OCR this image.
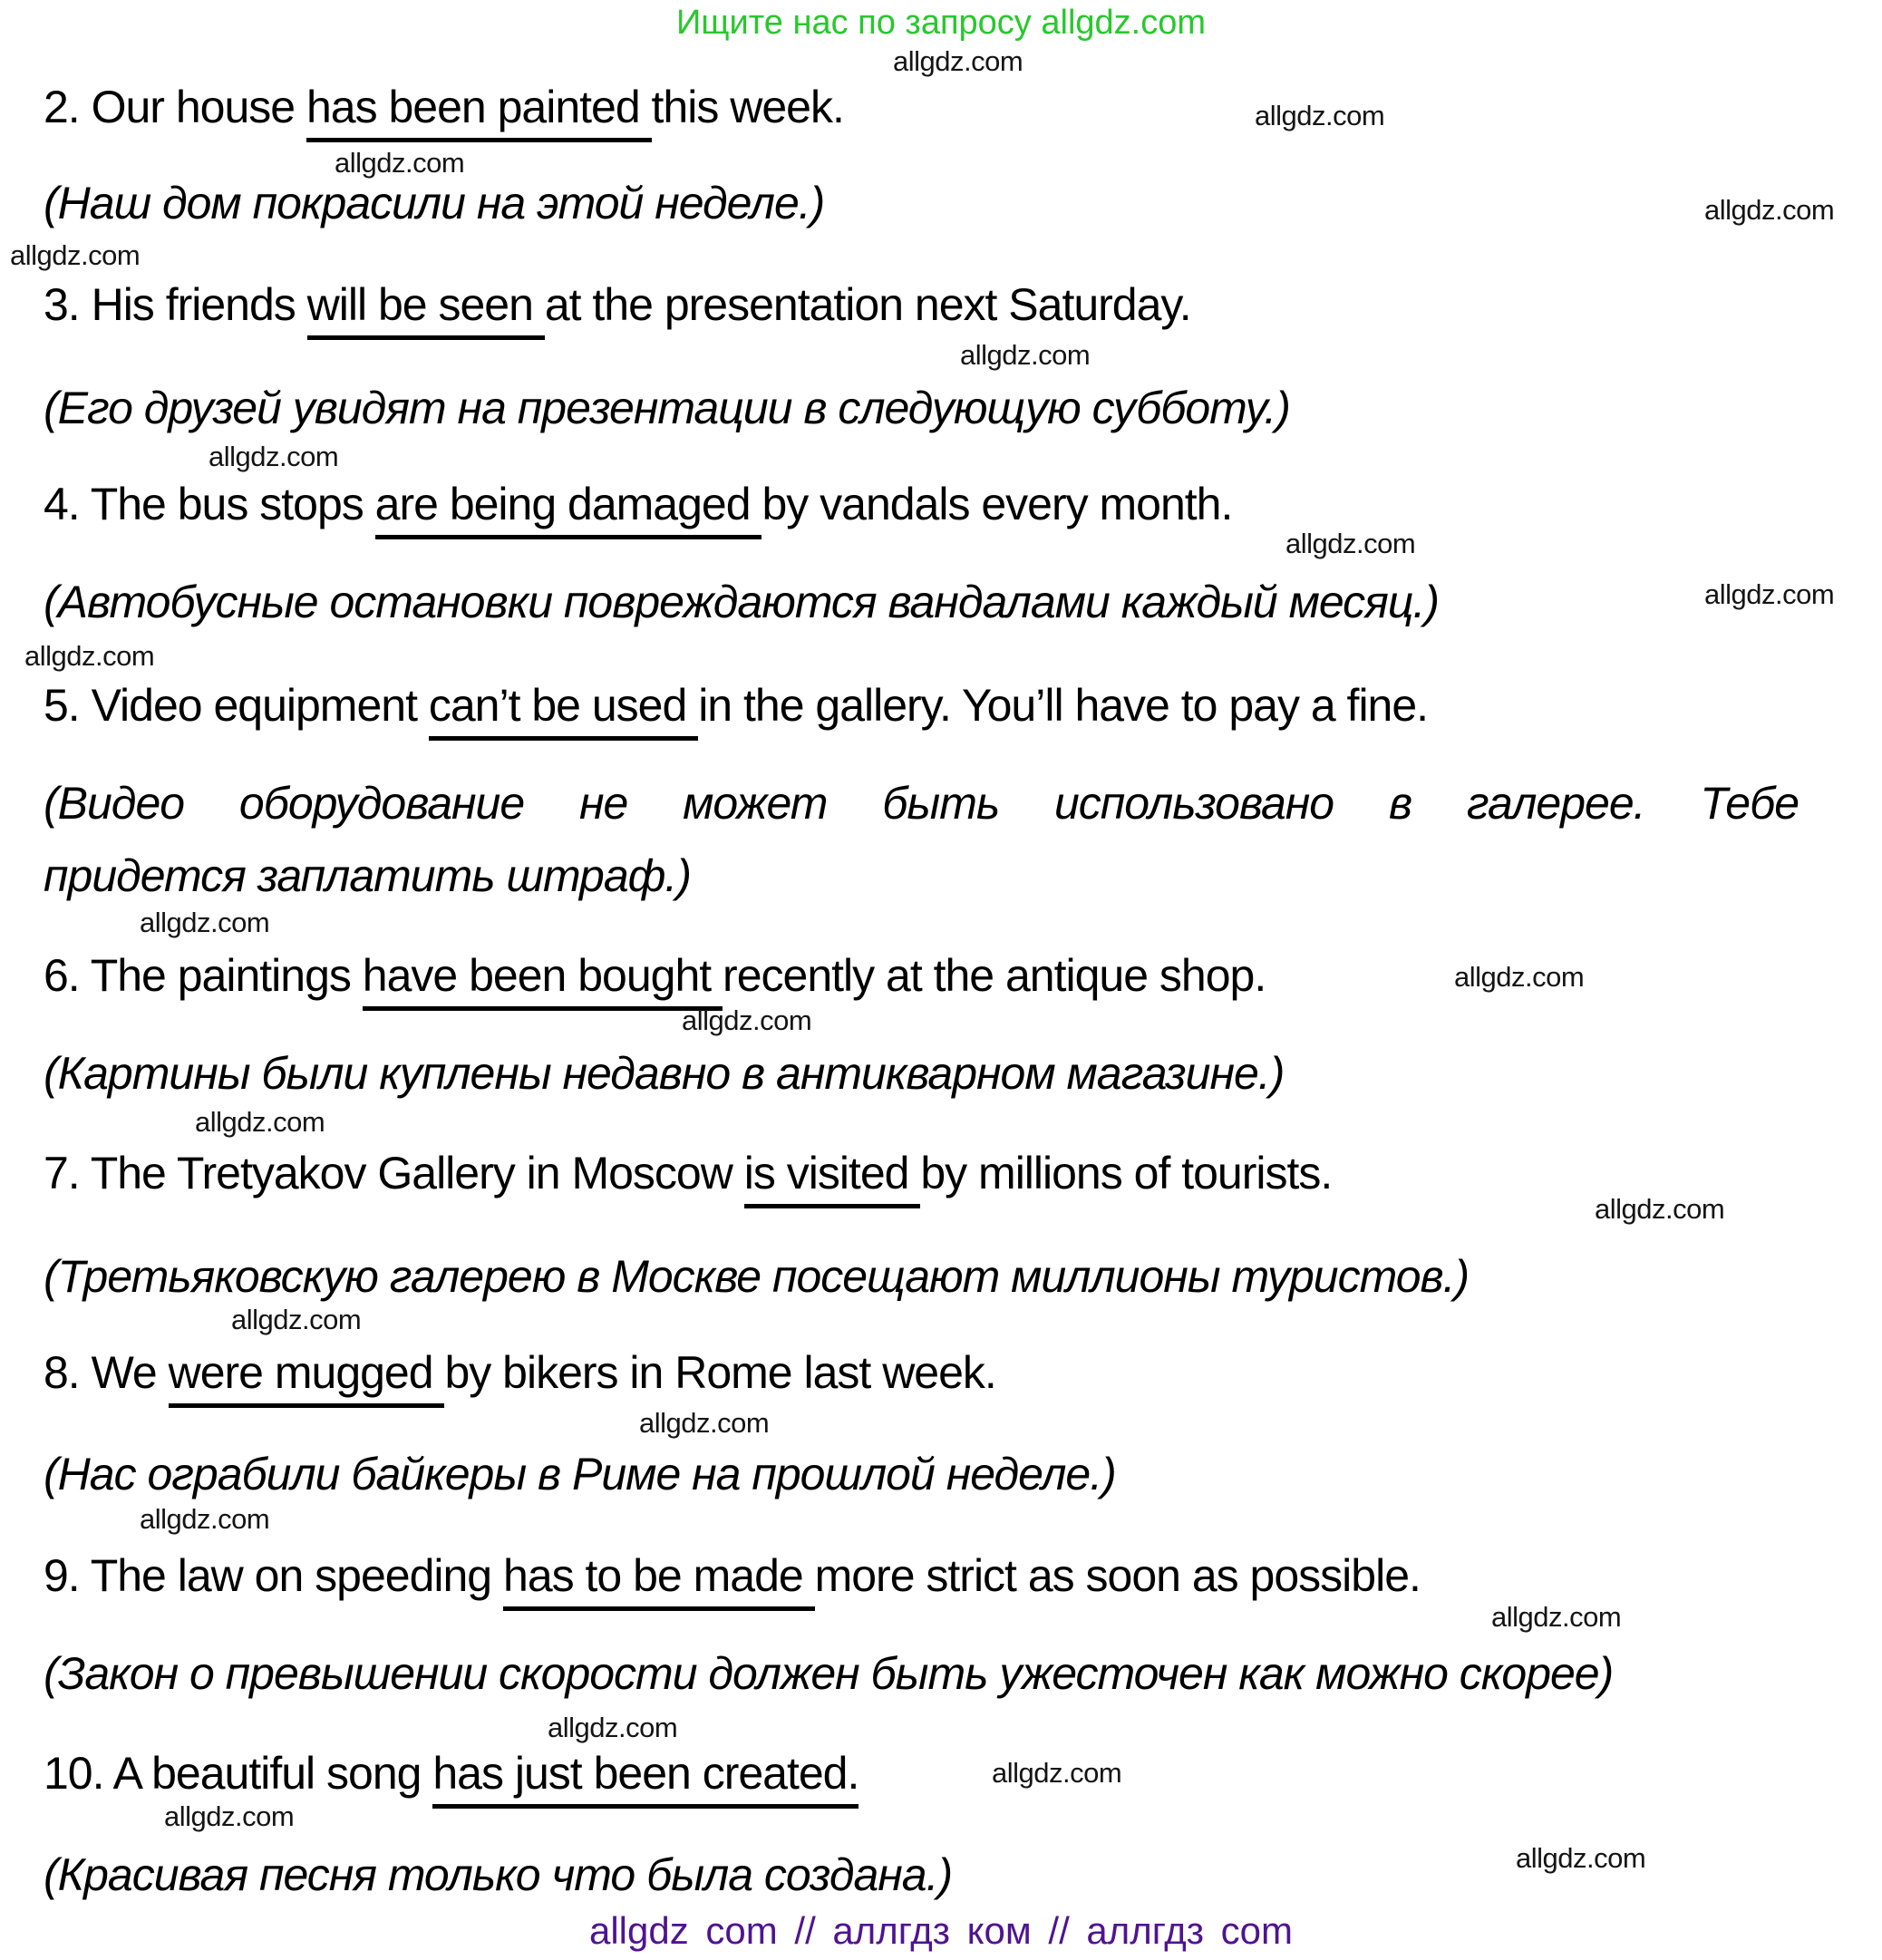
Ищите нас по запросу allgdz.com
allgdz.com
2. Our house has been painted this week.	allgdz.com
allgdz.com
(Наш дом покрасили на этой неделе.)	allgdz.com
allgdz.com
3. His friends will be seen at the presentation next Saturday.
allgdz.com
(Его друзей увидят на презентации в следующую субботу.)
allgdz.com
4. The bus stops are being damaged by vandals every month.
allgdz.com
(Автобусные остановки повреждаются вандалами каждый месяц.)	allgdz.com
allgdz.com
5. Video equipment can’t be used in the gallery. You’ll have to pay a fine.
(Видео оборудование не может быть использовано в галерее. Тебе
придется заплатить штраф.)
allgdz.com
6. The paintings have been bought recently at the antique shop.	allgdz.com
allgdz.com
(Картины были куплены недавно в антикварном магазине.)
allgdz.com
7. The Tretyakov Gallery in Moscow is visited by millions of tourists.
allgdz.com
(Третьяковскую галерею в Москве посещают миллионы туристов.)
allgdz.com
8. We were mugged by bikers in Rome last week.
allgdz.com
(Нас ограбили байкеры в Риме на прошлой неделе.)
allgdz.com
9. The law on speeding has to be made more strict as soon as possible.
allgdz.com
(Закон о превышении скорости должен быть ужесточен как можно скорее)
allgdz.com
10. A beautiful song has just been created.	allgdz.com
allgdz.com
(Красивая песня только что была создана.)	allgdz.com
allgdz com // аллгдз ком // аллгдз com
